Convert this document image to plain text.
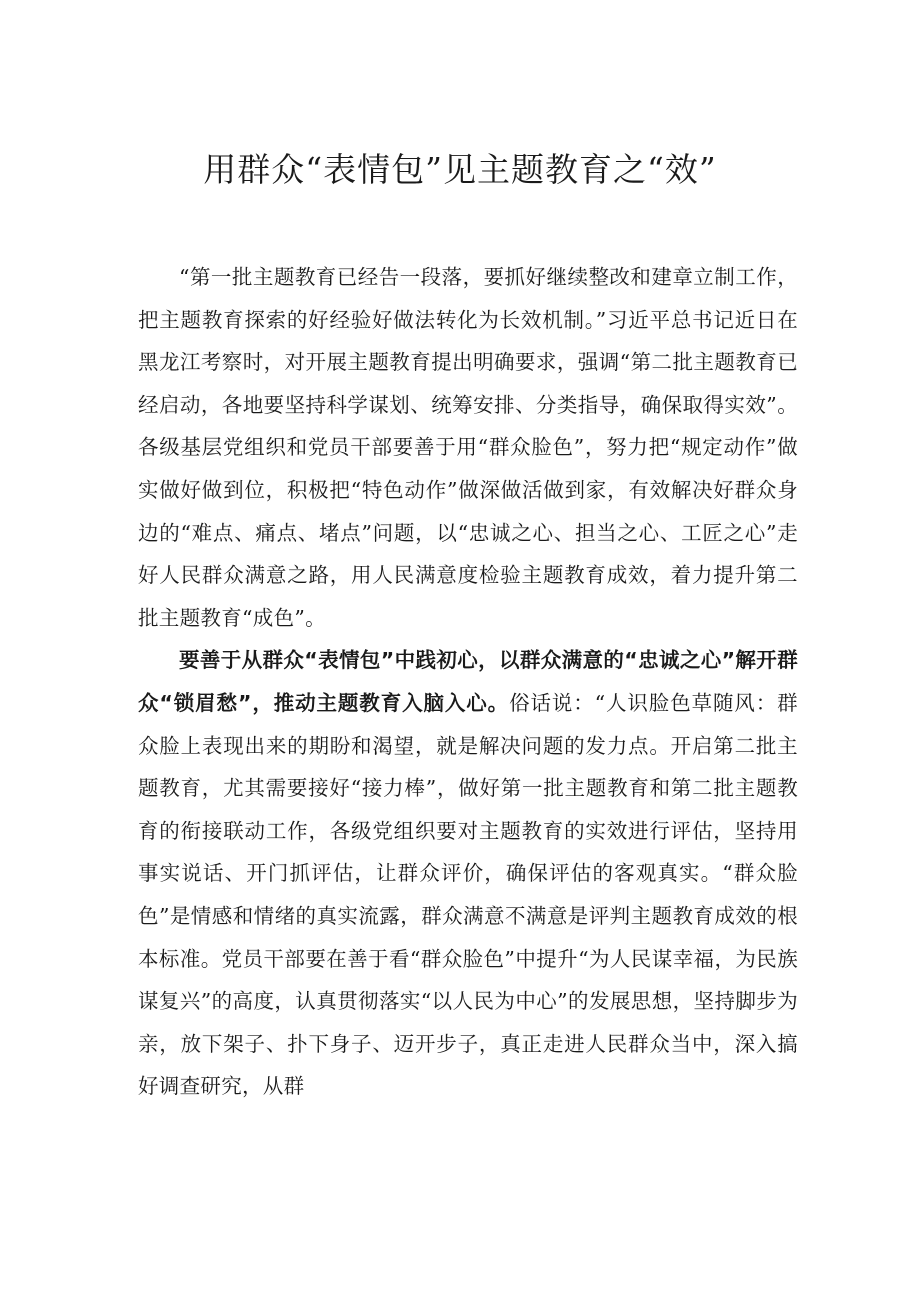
用群众“表情包”见主题教育之“效”

“第一批主题教育已经告一段落，要抓好继续整改和建章立制工作，把主题教育探索的好经验好做法转化为长效机制。”习近平总书记近日在黑龙江考察时，对开展主题教育提出明确要求，强调“第二批主题教育已经启动，各地要坚持科学谋划、统筹安排、分类指导，确保取得实效”。各级基层党组织和党员干部要善于用“群众脸色”，努力把“规定动作”做实做好做到位，积极把“特色动作”做深做活做到家，有效解决好群众身边的“难点、痛点、堵点”问题，以“忠诚之心、担当之心、工匠之心”走好人民群众满意之路，用人民满意度检验主题教育成效，着力提升第二批主题教育“成色”。

要善于从群众“表情包”中践初心，以群众满意的“忠诚之心”解开群众“锁眉愁”，推动主题教育入脑入心。俗话说：“人识脸色草随风：群众脸上表现出来的期盼和渴望，就是解决问题的发力点。开启第二批主题教育，尤其需要接好“接力棒”，做好第一批主题教育和第二批主题教育的衔接联动工作，各级党组织要对主题教育的实效进行评估，坚持用事实说话、开门抓评估，让群众评价，确保评估的客观真实。“群众脸色”是情感和情绪的真实流露，群众满意不满意是评判主题教育成效的根本标准。党员干部要在善于看“群众脸色”中提升“为人民谋幸福，为民族谋复兴”的高度，认真贯彻落实“以人民为中心”的发展思想，坚持脚步为亲，放下架子、扑下身子、迈开步子，真正走进人民群众当中，深入搞好调查研究，从群
